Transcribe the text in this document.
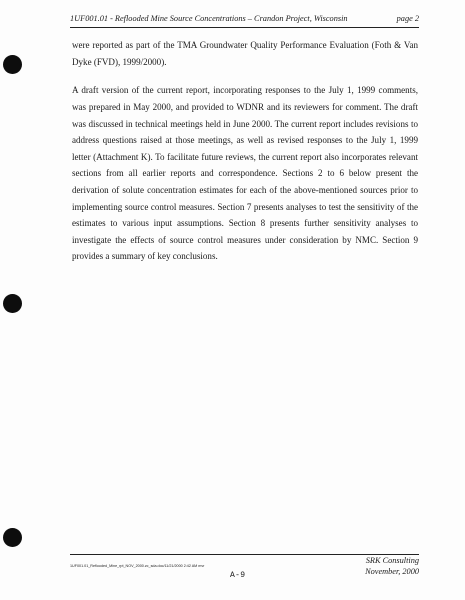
1UF001.01 - Reflooded Mine Source Concentrations – Crandon Project, Wisconsin	page 2

were reported as part of the TMA Groundwater Quality Performance Evaluation (Foth & Van Dyke (FVD), 1999/2000).

A draft version of the current report, incorporating responses to the July 1, 1999 comments, was prepared in May 2000, and provided to WDNR and its reviewers for comment. The draft was discussed in technical meetings held in June 2000. The current report includes revisions to address questions raised at those meetings, as well as revised responses to the July 1, 1999 letter (Attachment K). To facilitate future reviews, the current report also incorporates relevant sections from all earlier reports and correspondence. Sections 2 to 6 below present the derivation of solute concentration estimates for each of the above-mentioned sources prior to implementing source control measures. Section 7 presents analyses to test the sensitivity of the estimates to various input assumptions. Section 8 presents further sensitivity analyses to investigate the effects of source control measures under consideration by NMC. Section 9 provides a summary of key conclusions.

1UF001.01_Reflooded_Mine_rpt_NOV_2000.zc_sda.doc/11/21/2000 2:42 AM mvr
SRK Consulting
November, 2000
A-9
